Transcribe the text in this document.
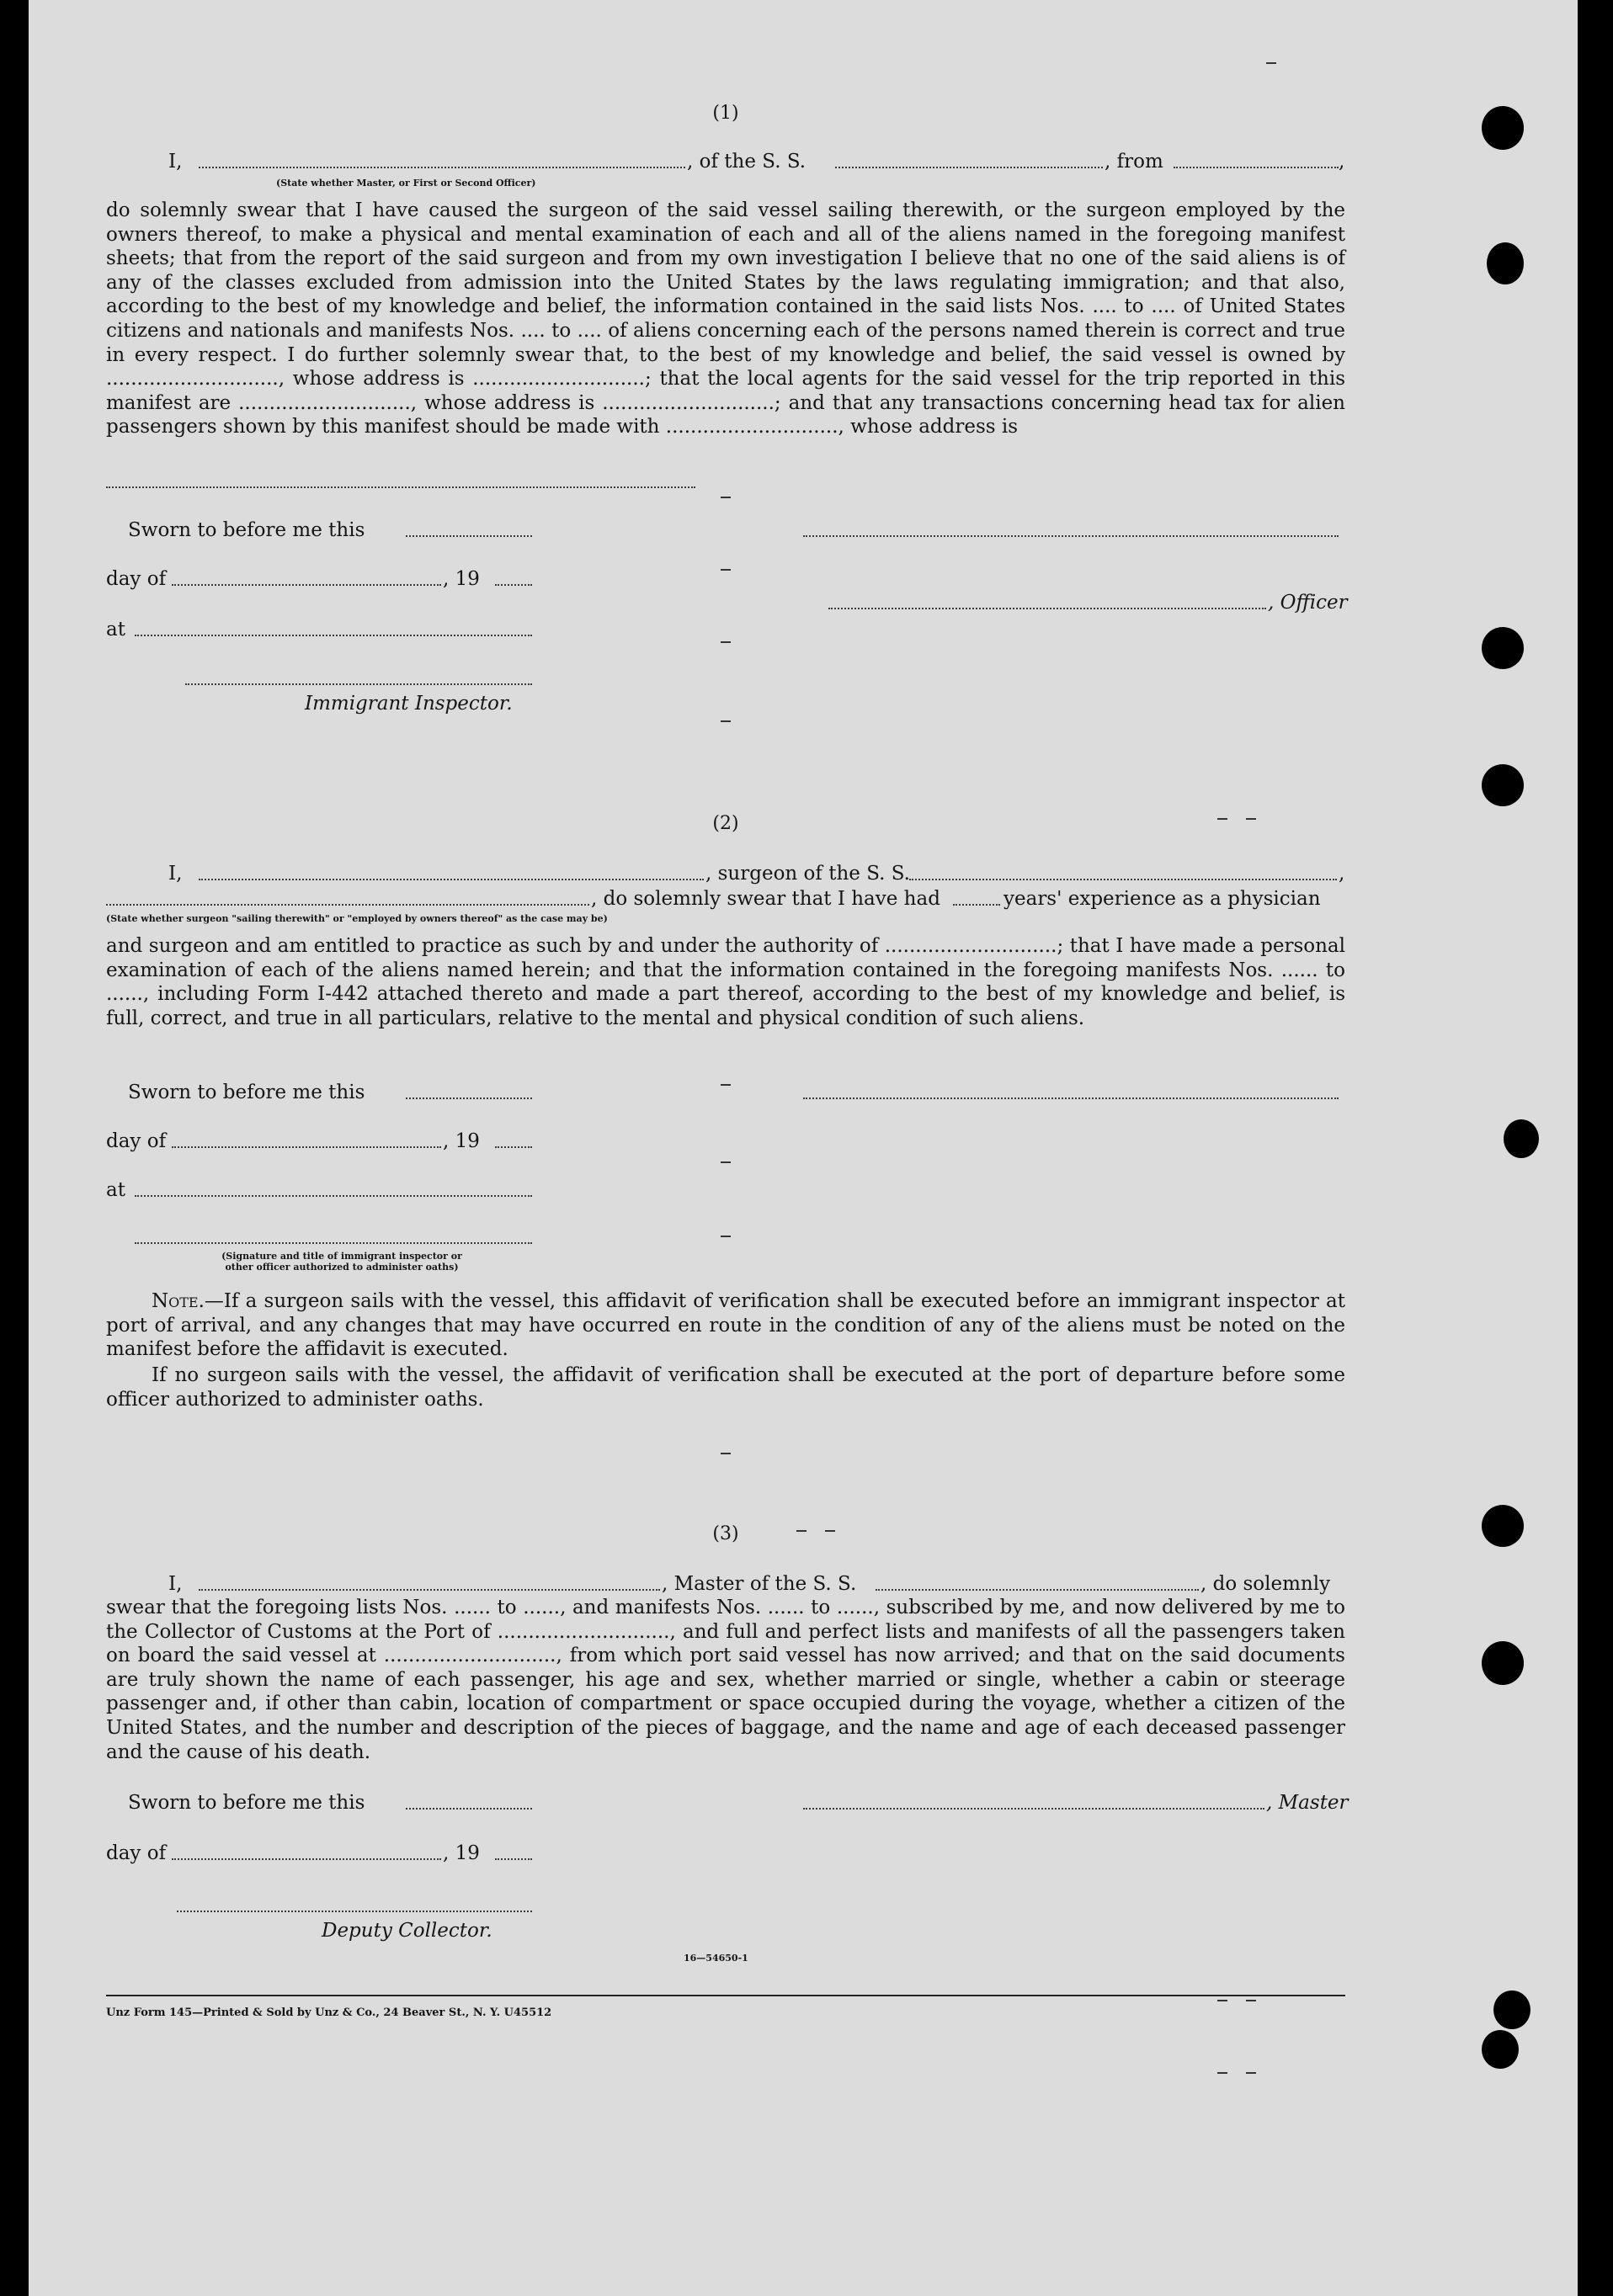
(1)
I,	, of the S. S.	, from	,
(State whether Master, or First or Second Officer)
do solemnly swear that I have caused the surgeon of the said vessel sailing therewith, or the surgeon employed by the owners thereof, to make a physical and mental examination of each and all of the aliens named in the foregoing manifest sheets; that from the report of the said surgeon and from my own investigation I believe that no one of the said aliens is of any of the classes excluded from admission into the United States by the laws regulating immigration; and that also, according to the best of my knowledge and belief, the information contained in the said lists Nos. .... to .... of United States citizens and nationals and manifests Nos. .... to .... of aliens concerning each of the persons named therein is correct and true in every respect. I do further solemnly swear that, to the best of my knowledge and belief, the said vessel is owned by ............................, whose address is ............................; that the local agents for the said vessel for the trip reported in this manifest are ............................, whose address is ............................; and that any transactions concerning head tax for alien passengers shown by this manifest should be made with ............................, whose address is
Sworn to before me this
day of	, 19
, Officer
at
Immigrant Inspector.
(2)
I,	, surgeon of the S. S.	,
, do solemnly swear that I have had	years' experience as a physician
(State whether surgeon "sailing therewith" or "employed by owners thereof" as the case may be)
and surgeon and am entitled to practice as such by and under the authority of ............................; that I have made a personal examination of each of the aliens named herein; and that the information contained in the foregoing manifests Nos. ...... to ......, including Form I-442 attached thereto and made a part thereof, according to the best of my knowledge and belief, is full, correct, and true in all particulars, relative to the mental and physical condition of such aliens.
Sworn to before me this
day of	, 19
at
(Signature and title of immigrant inspector or
other officer authorized to administer oaths)
Note.—If a surgeon sails with the vessel, this affidavit of verification shall be executed before an immigrant inspector at port of arrival, and any changes that may have occurred en route in the condition of any of the aliens must be noted on the manifest before the affidavit is executed.
If no surgeon sails with the vessel, the affidavit of verification shall be executed at the port of departure before some officer authorized to administer oaths.
(3)
I,	, Master of the S. S.	, do solemnly
swear that the foregoing lists Nos. ...... to ......, and manifests Nos. ...... to ......, subscribed by me, and now delivered by me to the Collector of Customs at the Port of ............................, and full and perfect lists and manifests of all the passengers taken on board the said vessel at ............................, from which port said vessel has now arrived; and that on the said documents are truly shown the name of each passenger, his age and sex, whether married or single, whether a cabin or steerage passenger and, if other than cabin, location of compartment or space occupied during the voyage, whether a citizen of the United States, and the number and description of the pieces of baggage, and the name and age of each deceased passenger and the cause of his death.
Sworn to before me this	, Master
day of	, 19
Deputy Collector.
16—54650-1
Unz Form 145—Printed & Sold by Unz & Co., 24 Beaver St., N. Y. U45512
